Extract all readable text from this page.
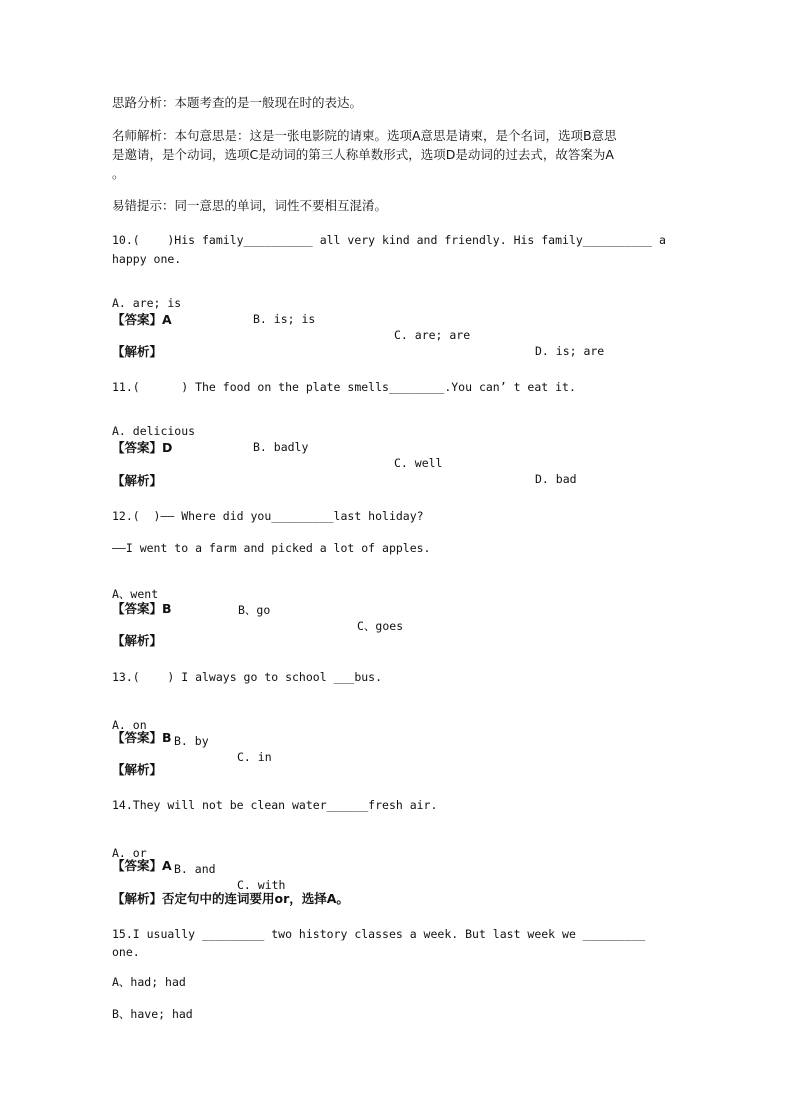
思路分析：本题考查的是一般现在时的表达。
名师解析：本句意思是：这是一张电影院的请柬。选项A意思是请柬，是个名词，选项B意思
是邀请，是个动词，选项C是动词的第三人称单数形式，选项D是动词的过去式，故答案为A
。
易错提示：同一意思的单词，词性不要相互混淆。
10.(    )His family__________ all very kind and friendly. His family__________ a
happy one.

A. are; is

B. is; is

C. are; are

D. is; are

【答案】A
【解析】
11.(      ) The food on the plate smells________.You can’ t eat it.

A. delicious

B. badly

C. well

D. bad

【答案】D
【解析】
12.(  )—— Where did you_________last holiday?
——I went to a farm and picked a lot of apples.

A、went

B、go

C、goes

【答案】B
【解析】
13.(    ) I always go to school ___bus.

A. on

B. by

C. in

【答案】B
【解析】
14.They will not be clean water______fresh air.

A. or

B. and

C. with

【答案】A
【解析】否定句中的连词要用or，选择A。
15.I usually _________ two history classes a week. But last week we _________
one.
A、had; had
B、have; had
